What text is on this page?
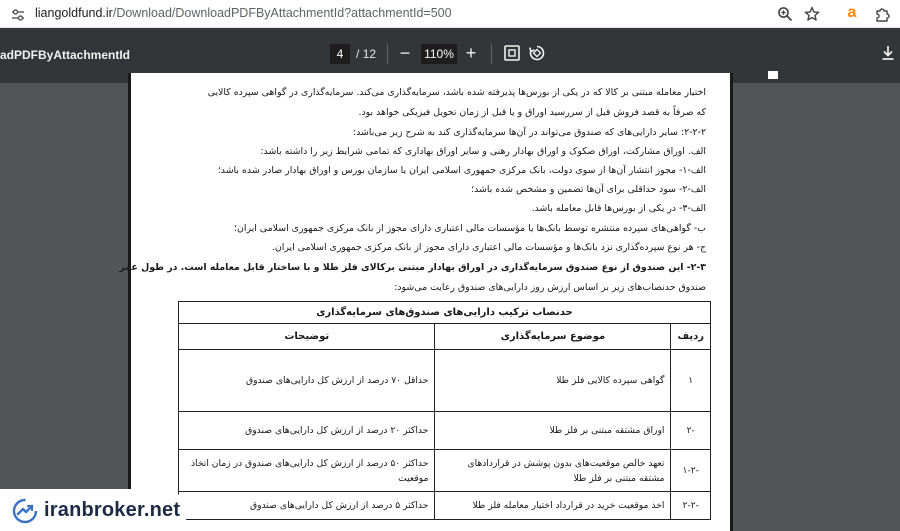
liangoldfund.ir/Download/DownloadPDFByAttachmentId?attachmentId=500	a
adPDFByAttachmentId	4	/ 12 − 110% +
اختیار معامله مبتنی بر کالا که در یکی از بورس‌ها پذیرفته شده باشد، سرمایه‌گذاری می‌کند. سرمایه‌گذاری در گواهی سپرده کالایی
که صرفاً به قصد فروش قبل از سررسید اوراق و یا قبل از زمان تحویل فیزیکی خواهد بود.
۲-۲-۲: سایر دارایی‌های که صندوق می‌تواند در آن‌ها سرمایه‌گذاری کند به شرح زیر می‌باشد:
الف. اوراق مشارکت، اوراق صکوک و اوراق بهادار رهنی و سایر اوراق بهاداری که تمامی شرایط زیر را داشته باشد:
الف-۱- مجوز انتشار آن‌ها از سوی دولت، بانک مرکزی جمهوری اسلامی ایران یا سازمان بورس و اوراق بهادار صادر شده باشد؛
الف-۲- سود حداقلی برای آن‌ها تضمین و مشخص شده باشد؛
الف-۳- در یکی از بورس‌ها قابل معامله باشد.
ب- گواهی‌های سپرده منتشره توسط بانک‌ها یا مؤسسات مالی اعتباری دارای مجوز از بانک مرکزی جمهوری اسلامی ایران؛
ج- هر نوع سپرده‌گذاری نزد بانک‌ها و مؤسسات مالی اعتباری دارای مجوز از بانک مرکزی جمهوری اسلامی ایران.
۲-۳- این صندوق از نوع صندوق سرمایه‌گذاری در اوراق بهادار مبتنی برکالای فلز طلا و با ساختار قابل معامله است. در طول عمر
صندوق حدنصاب‌های زیر بر اساس ارزش روز دارایی‌های صندوق رعایت می‌شود:
حدنصاب ترکیب دارایی‌های صندوق‌های سرمایه‌گذاری		
ردیف	موضوع سرمایه‌گذاری	توضیحات
۱	گواهی سپرده کالایی فلز طلا	حداقل ۷۰ درصد از ارزش کل دارایی‌های صندوق
-۲	اوراق مشتقه مبتنی بر فلز طلا	حداکثر ۲۰ درصد از ارزش کل دارایی‌های صندوق
-۱-۲	تعهد خالص موقعیت‌های بدون پوشش در قراردادهای مشتقه مبتنی بر فلز طلا	حداکثر ۵۰ درصد از ارزش کل دارایی‌های صندوق در زمان اتخاذ موقعیت
-۲-۲	اخذ موقعیت خرید در قرارداد اختیار معامله فلز طلا	حداکثر ۵ درصد از ارزش کل دارایی‌های صندوق
iranbroker.net
